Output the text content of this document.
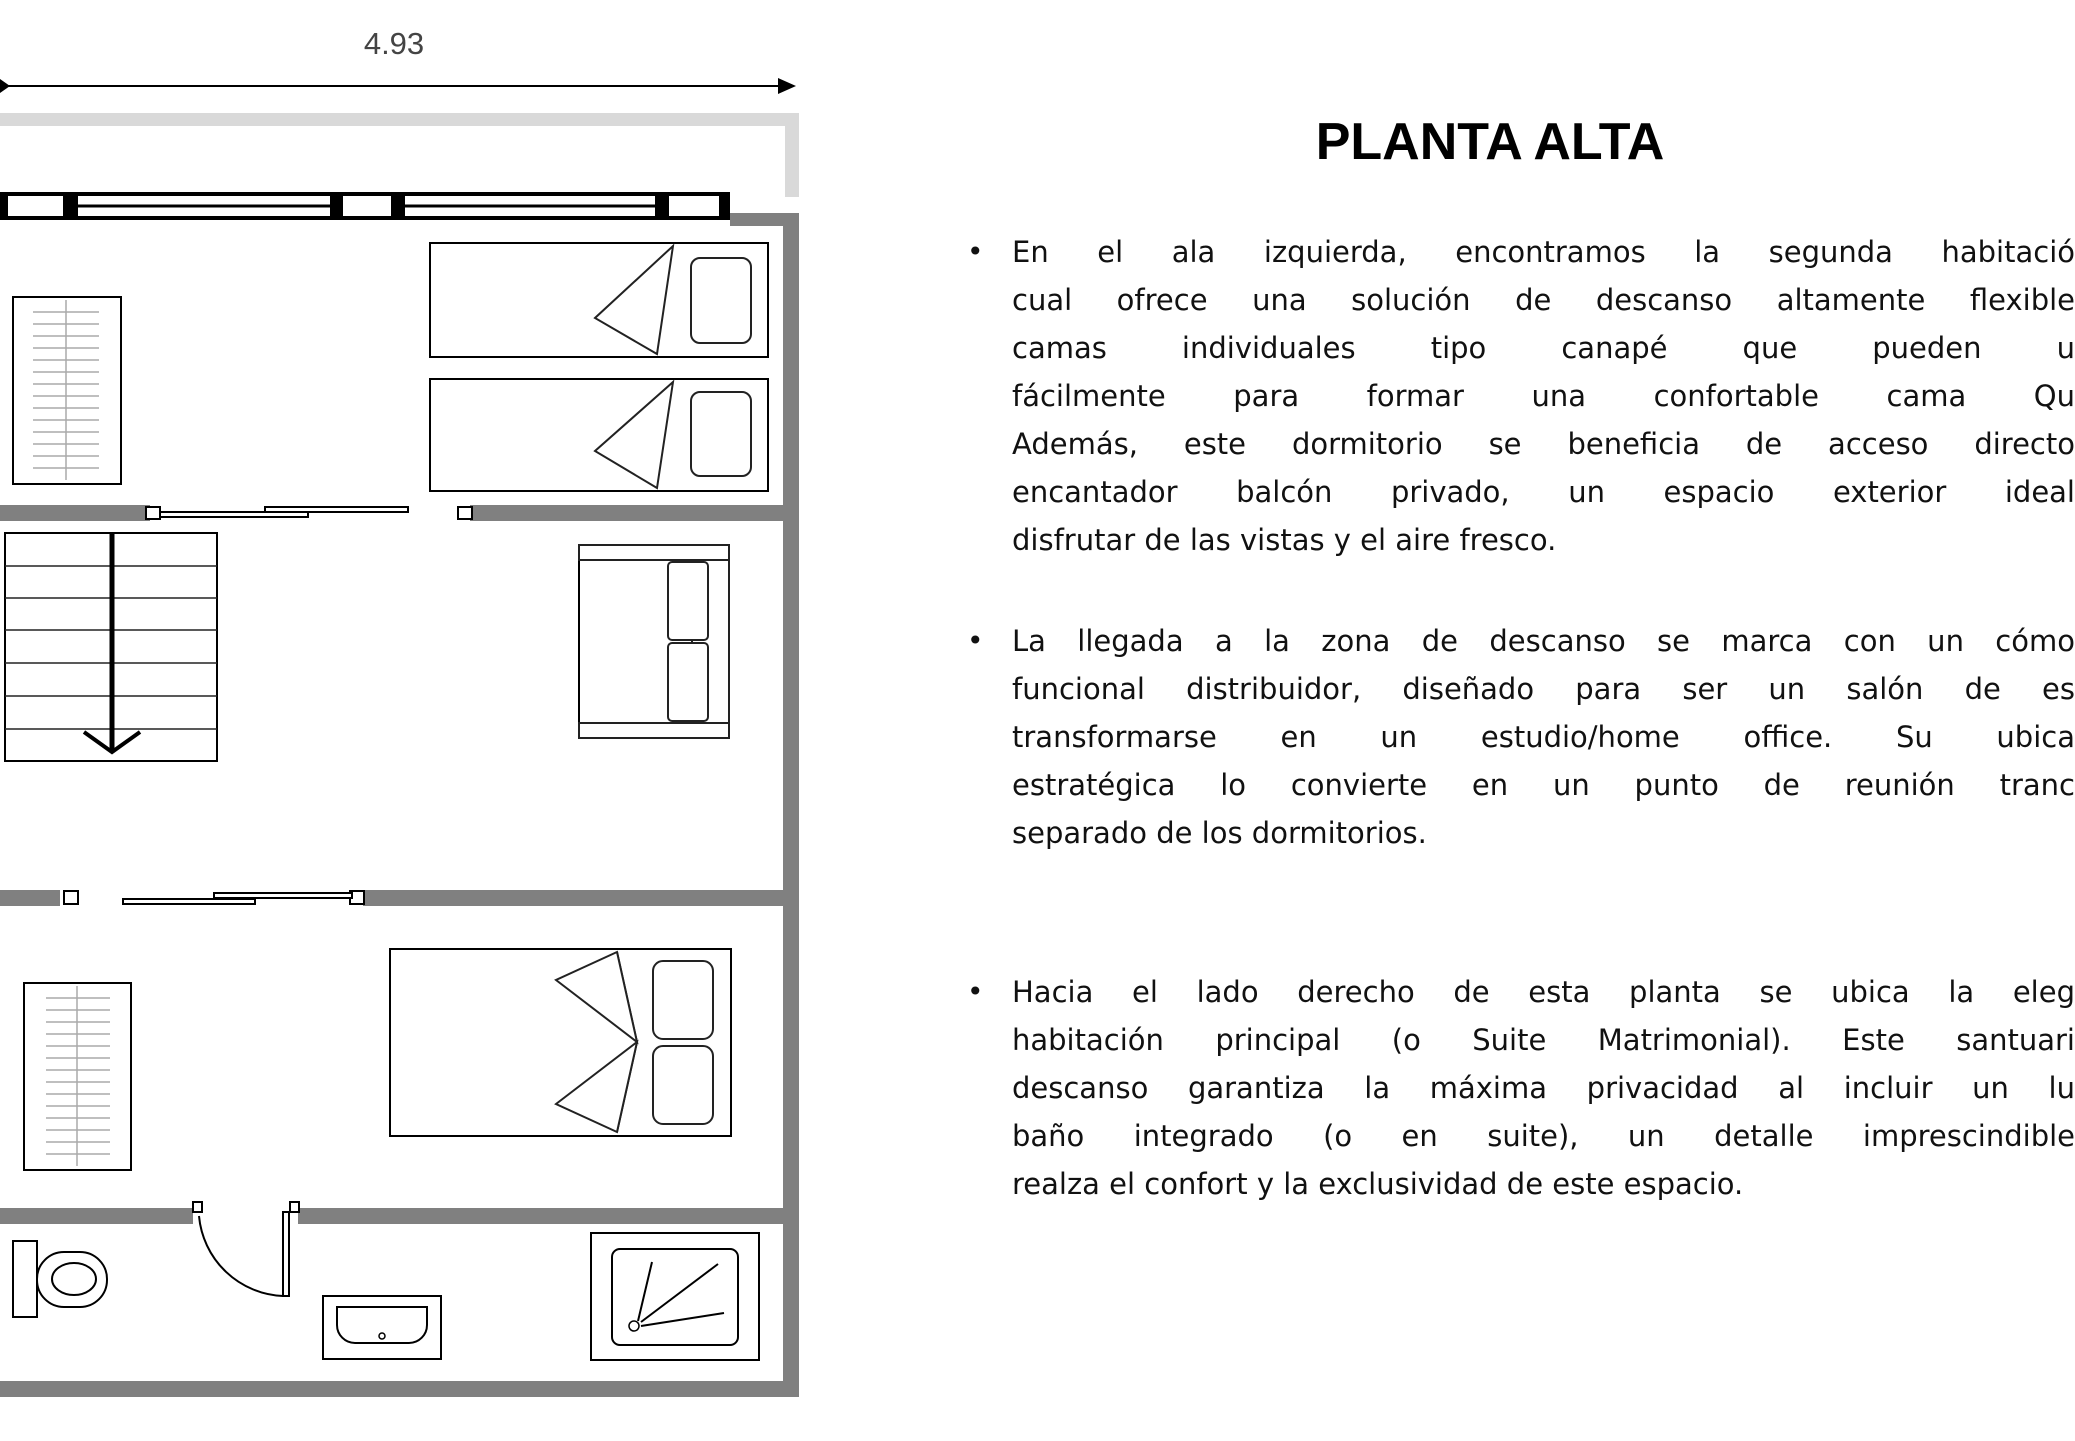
4.93
PLANTA ALTA
• En el ala izquierda, encontramos la segunda habitació
cual ofrece una solución de descanso altamente flexible
camas individuales tipo canapé que pueden u
fácilmente para formar una confortable cama Qu
Además, este dormitorio se beneficia de acceso directo
encantador balcón privado, un espacio exterior ideal
disfrutar de las vistas y el aire fresco.
• La llegada a la zona de descanso se marca con un cómo
funcional distribuidor, diseñado para ser un salón de es
transformarse en un estudio/home office. Su ubica
estratégica lo convierte en un punto de reunión tranc
separado de los dormitorios.
• Hacia el lado derecho de esta planta se ubica la eleg
habitación principal (o Suite Matrimonial). Este santuari
descanso garantiza la máxima privacidad al incluir un lu
baño integrado (o en suite), un detalle imprescindible
realza el confort y la exclusividad de este espacio.
